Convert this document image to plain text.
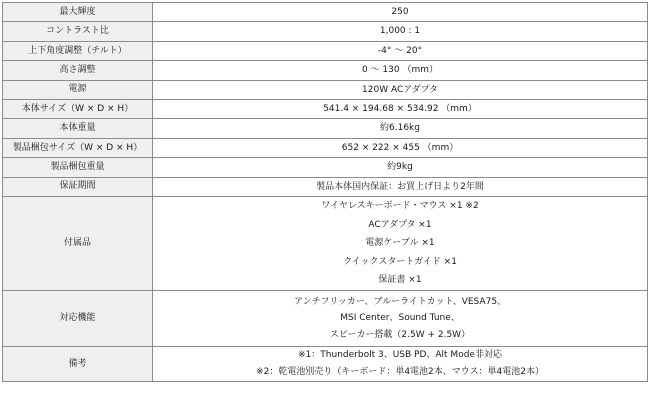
最大輝度	250

コントラスト比	1,000 : 1

上下角度調整（チルト）	-4° ～ 20°

高さ調整	0 ～ 130 （mm）

電源	120W ACアダプタ

本体サイズ（W × D × H）	541.4 × 194.68 × 534.92 （mm）

本体重量	約6.16kg

製品梱包サイズ（W × D × H）	652 × 222 × 455 （mm）

製品梱包重量	約9kg

保証期間	製品本体国内保証：お買上げ日より2年間

付属品	ワイヤレスキーボード・マウス ×1 ※2
ACアダプタ ×1
電源ケーブル ×1
クイックスタートガイド ×1
保証書 ×1

対応機能	アンチフリッカー、ブルーライトカット、VESA75、
MSI Center、Sound Tune、
スピーカー搭載（2.5W + 2.5W）

備考	※1：Thunderbolt 3、USB PD、Alt Mode非対応
※2：乾電池別売り（キーボード：単4電池2本、マウス：単4電池2本）
